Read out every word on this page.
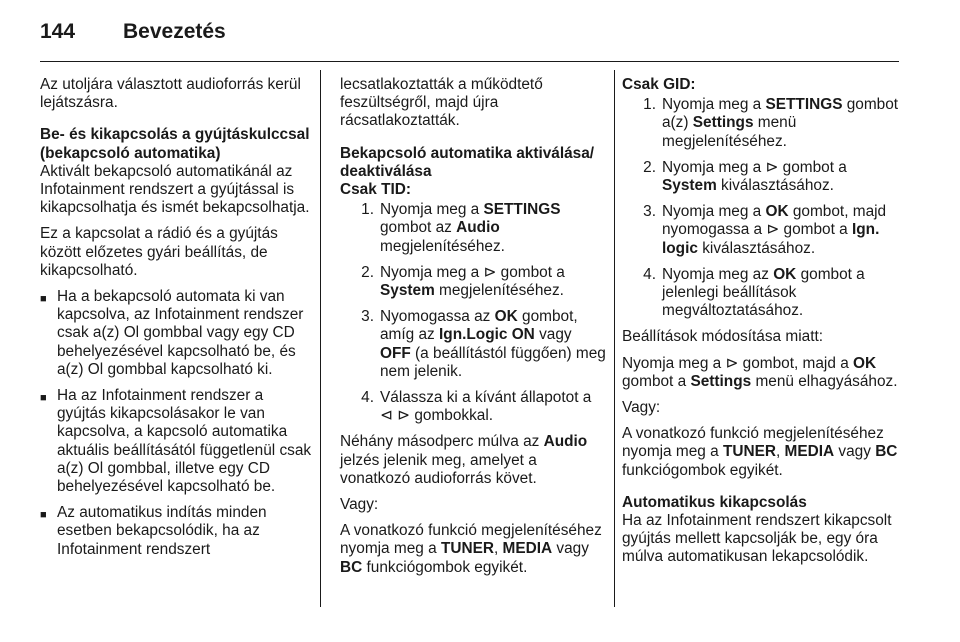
144 Bevezetés

Az utoljára választott audioforrás kerül lejátszásra.

Be- és kikapcsolás a gyújtáskulccsal (bekapcsoló automatika)

Aktivált bekapcsoló automatikánál az Infotainment rendszert a gyújtással is kikapcsolhatja és ismét bekapcsolhatja.

Ez a kapcsolat a rádió és a gyújtás között előzetes gyári beállítás, de kikapcsolható.

■ Ha a bekapcsoló automata ki van kapcsolva, az Infotainment rendszer csak a(z) Ol gombbal vagy egy CD behelyezésével kapcsolható be, és a(z) Ol gombbal kapcsolható ki.
■ Ha az Infotainment rendszer a gyújtás kikapcsolásakor le van kapcsolva, a kapcsoló automatika aktuális beállításától függetlenül csak a(z) Ol gombbal, illetve egy CD behelyezésével kapcsolható be.
■ Az automatikus indítás minden esetben bekapcsolódik, ha az Infotainment rendszert

lecsatlakoztatták a működtető feszültségről, majd újra rácsatlakoztatták.

Bekapcsoló automatika aktiválása/ deaktiválása

Csak TID:

1. Nyomja meg a SETTINGS gombot az Audio megjelenítéséhez.
2. Nyomja meg a ⊳ gombot a System megjelenítéséhez.
3. Nyomogassa az OK gombot, amíg az Ign.Logic ON vagy OFF (a beállítástól függően) meg nem jelenik.
4. Válassza ki a kívánt állapotot a ⊲ ⊳ gombokkal.

Néhány másodperc múlva az Audio jelzés jelenik meg, amelyet a vonatkozó audioforrás követ.

Vagy:

A vonatkozó funkció megjelenítéséhez nyomja meg a TUNER, MEDIA vagy BC funkciógombok egyikét.

Csak GID:

1. Nyomja meg a SETTINGS gombot a(z) Settings menü megjelenítéséhez.
2. Nyomja meg a ⊳ gombot a System kiválasztásához.
3. Nyomja meg a OK gombot, majd nyomogassa a ⊳ gombot a Ign. logic kiválasztásához.
4. Nyomja meg az OK gombot a jelenlegi beállítások megváltoztatásához.

Beállítások módosítása miatt:

Nyomja meg a ⊳ gombot, majd a OK gombot a Settings menü elhagyásához.

Vagy:

A vonatkozó funkció megjelenítéséhez nyomja meg a TUNER, MEDIA vagy BC funkciógombok egyikét.

Automatikus kikapcsolás

Ha az Infotainment rendszert kikapcsolt gyújtás mellett kapcsolják be, egy óra múlva automatikusan lekapcsolódik.
